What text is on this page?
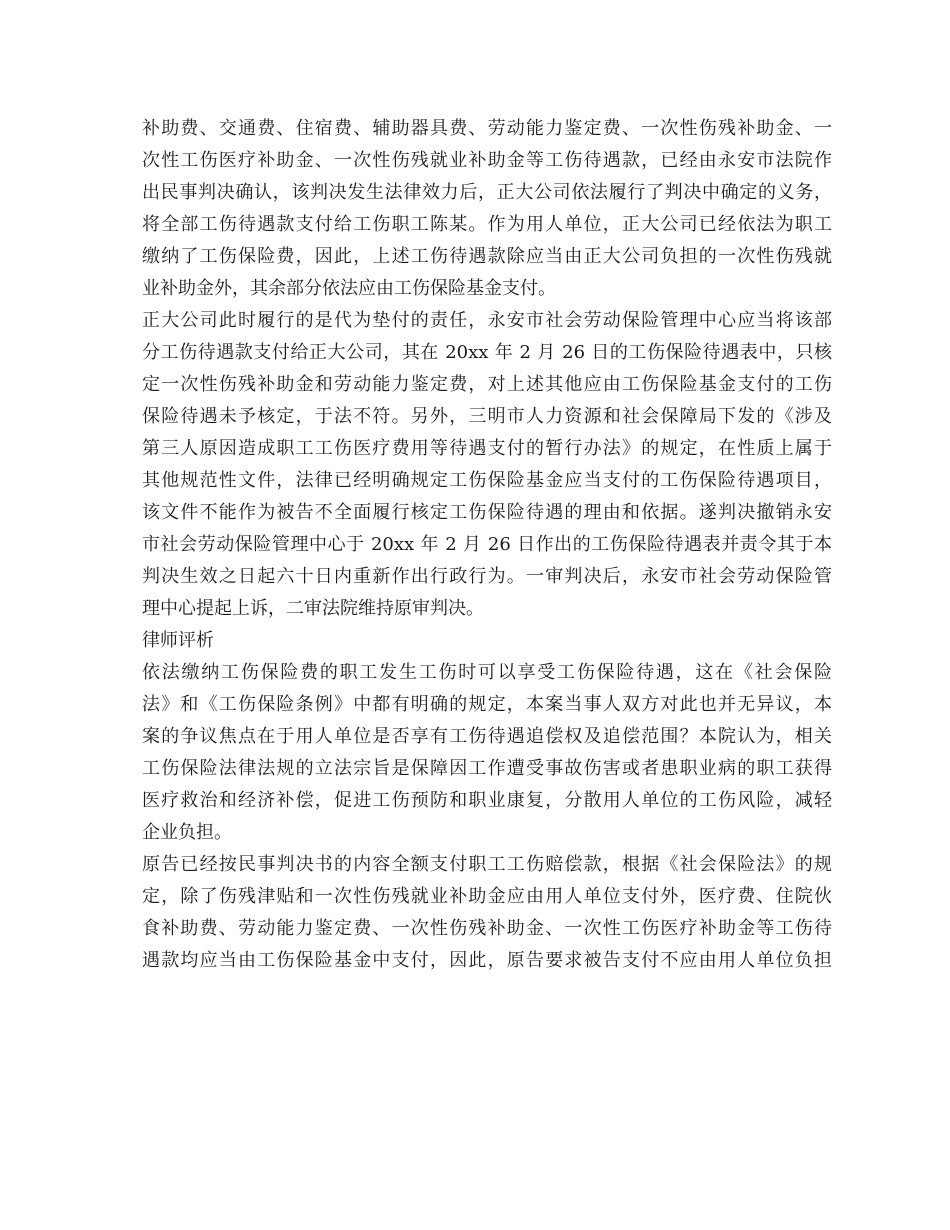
补助费、交通费、住宿费、辅助器具费、劳动能力鉴定费、一次性伤残补助金、一
次性工伤医疗补助金、一次性伤残就业补助金等工伤待遇款，已经由永安市法院作
出民事判决确认，该判决发生法律效力后，正大公司依法履行了判决中确定的义务，
将全部工伤待遇款支付给工伤职工陈某。作为用人单位，正大公司已经依法为职工
缴纳了工伤保险费，因此，上述工伤待遇款除应当由正大公司负担的一次性伤残就
业补助金外，其余部分依法应由工伤保险基金支付。
正大公司此时履行的是代为垫付的责任，永安市社会劳动保险管理中心应当将该部
分工伤待遇款支付给正大公司，其在 20xx 年 2 月 26 日的工伤保险待遇表中，只核
定一次性伤残补助金和劳动能力鉴定费，对上述其他应由工伤保险基金支付的工伤
保险待遇未予核定，于法不符。另外，三明市人力资源和社会保障局下发的《涉及
第三人原因造成职工工伤医疗费用等待遇支付的暂行办法》的规定，在性质上属于
其他规范性文件，法律已经明确规定工伤保险基金应当支付的工伤保险待遇项目，
该文件不能作为被告不全面履行核定工伤保险待遇的理由和依据。遂判决撤销永安
市社会劳动保险管理中心于 20xx 年 2 月 26 日作出的工伤保险待遇表并责令其于本
判决生效之日起六十日内重新作出行政行为。一审判决后，永安市社会劳动保险管
理中心提起上诉，二审法院维持原审判决。
律师评析
依法缴纳工伤保险费的职工发生工伤时可以享受工伤保险待遇，这在《社会保险
法》和《工伤保险条例》中都有明确的规定，本案当事人双方对此也并无异议，本
案的争议焦点在于用人单位是否享有工伤待遇追偿权及追偿范围？本院认为，相关
工伤保险法律法规的立法宗旨是保障因工作遭受事故伤害或者患职业病的职工获得
医疗救治和经济补偿，促进工伤预防和职业康复，分散用人单位的工伤风险，减轻
企业负担。
原告已经按民事判决书的内容全额支付职工工伤赔偿款，根据《社会保险法》的规
定，除了伤残津贴和一次性伤残就业补助金应由用人单位支付外，医疗费、住院伙
食补助费、劳动能力鉴定费、一次性伤残补助金、一次性工伤医疗补助金等工伤待
遇款均应当由工伤保险基金中支付，因此，原告要求被告支付不应由用人单位负担
